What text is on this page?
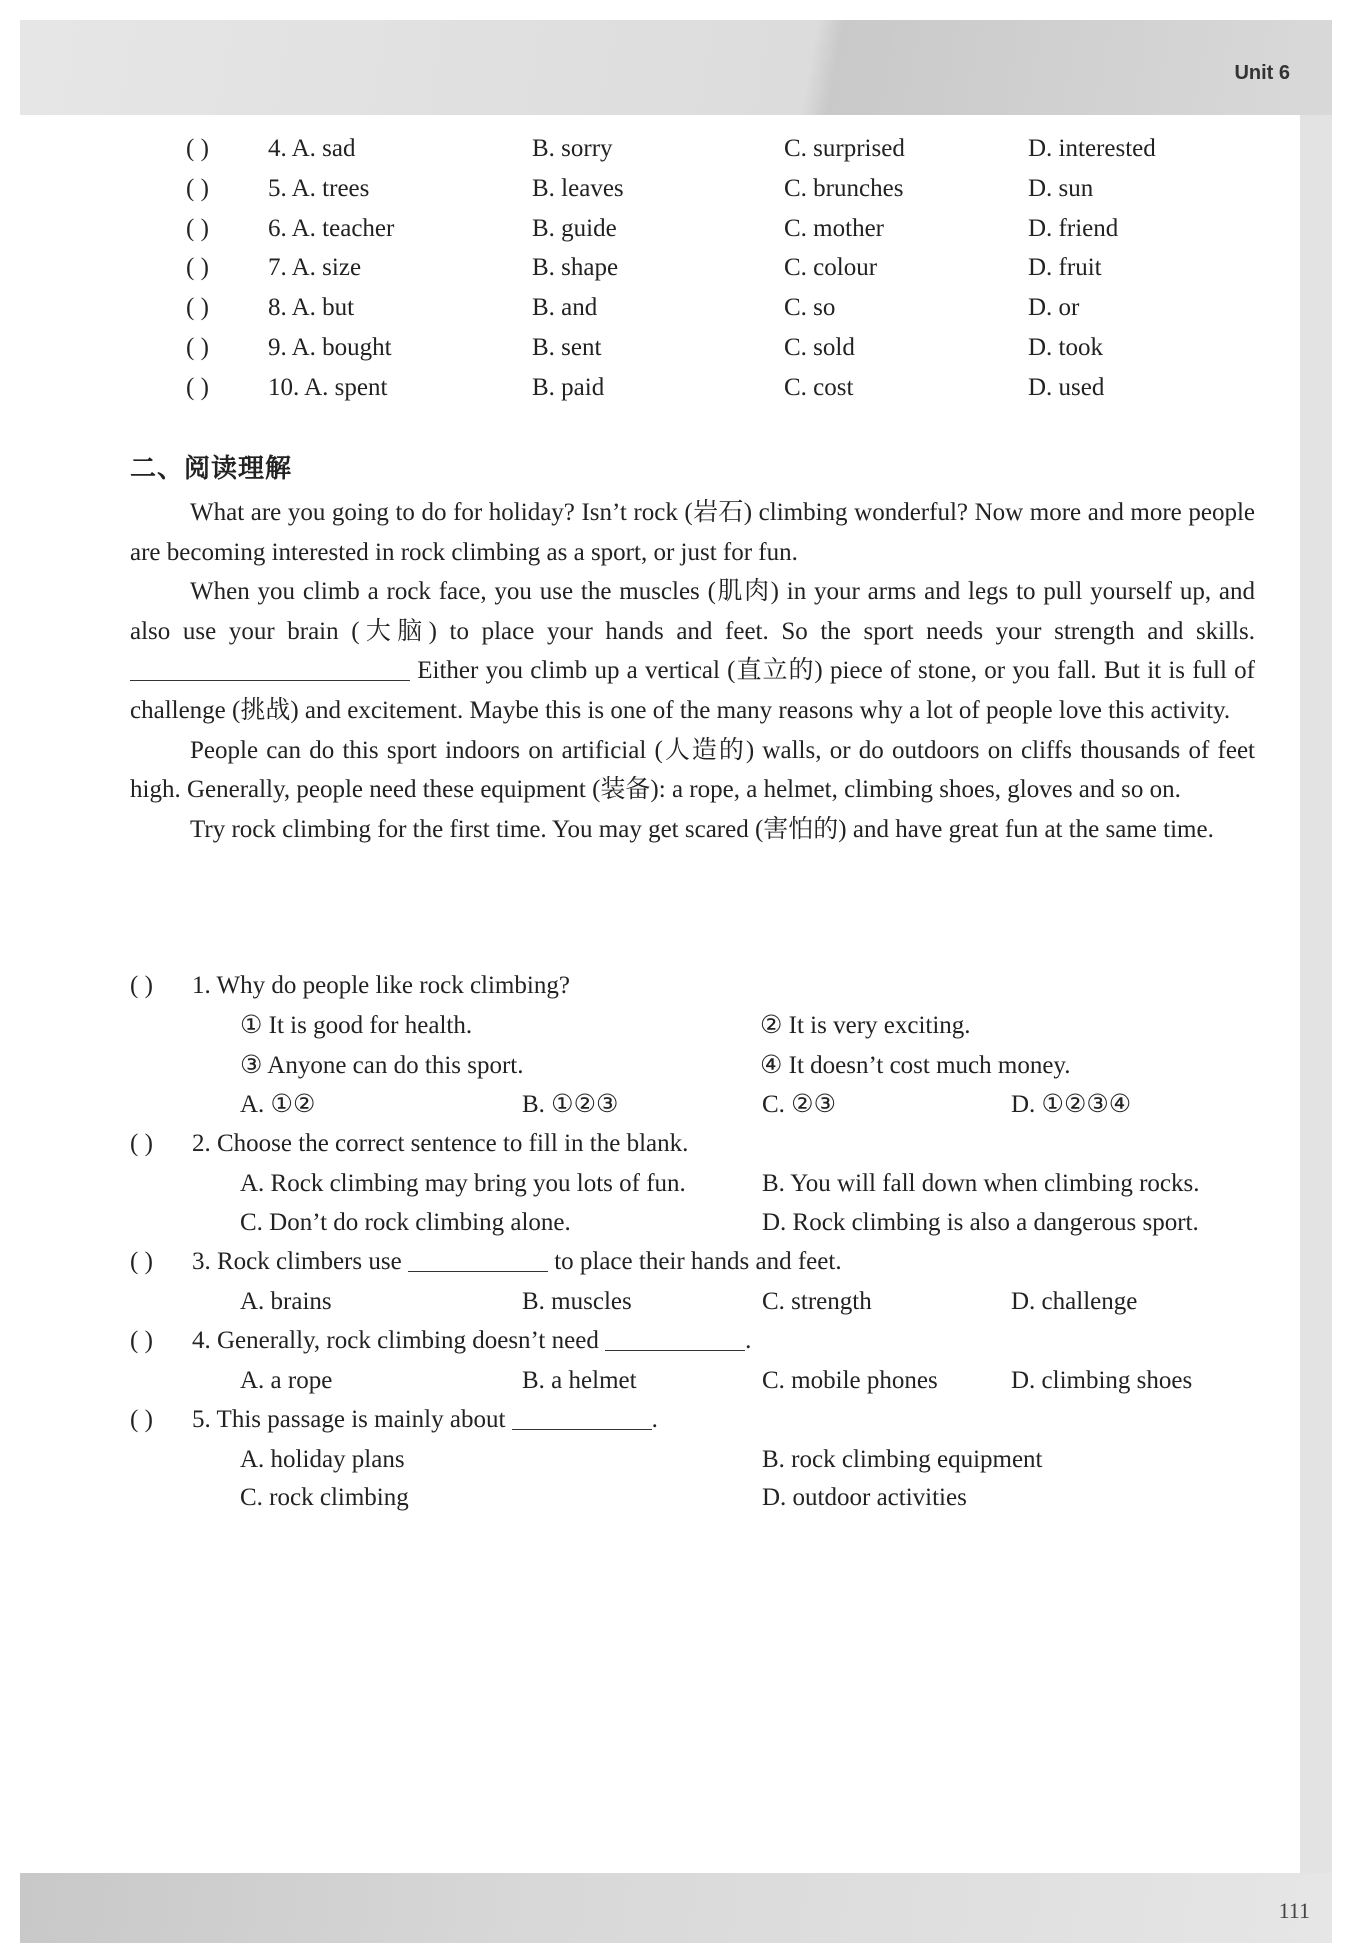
Unit 6
( ) 4. A. sad	B. sorry	C. surprised	D. interested
( ) 5. A. trees	B. leaves	C. brunches	D. sun
( ) 6. A. teacher	B. guide	C. mother	D. friend
( ) 7. A. size	B. shape	C. colour	D. fruit
( ) 8. A. but	B. and	C. so	D. or
( ) 9. A. bought	B. sent	C. sold	D. took
( ) 10. A. spent	B. paid	C. cost	D. used
二、阅读理解

What are you going to do for holiday? Isn’t rock (岩石) climbing wonderful? Now more and more people are becoming interested in rock climbing as a sport, or just for fun.

When you climb a rock face, you use the muscles (肌肉) in your arms and legs to pull yourself up, and also use your brain (大脑) to place your hands and feet. So the sport needs your strength and skills.  Either you climb up a vertical (直立的) piece of stone, or you fall. But it is full of challenge (挑战) and excitement. Maybe this is one of the many reasons why a lot of people love this activity.

People can do this sport indoors on artificial (人造的) walls, or do outdoors on cliffs thousands of feet high. Generally, people need these equipment (装备): a rope, a helmet, climbing shoes, gloves and so on.

Try rock climbing for the first time. You may get scared (害怕的) and have great fun at the same time.

( ) 1. Why do people like rock climbing?
① It is good for health.	② It is very exciting.
③ Anyone can do this sport.	④ It doesn’t cost much money.
A. ①②	B. ①②③	C. ②③	D. ①②③④
( ) 2. Choose the correct sentence to fill in the blank.
A. Rock climbing may bring you lots of fun.	B. You will fall down when climbing rocks.
C. Don’t do rock climbing alone.	D. Rock climbing is also a dangerous sport.
( ) 3. Rock climbers use	to place their hands and feet.
A. brains	B. muscles	C. strength	D. challenge
( ) 4. Generally, rock climbing doesn’t need	.
A. a rope	B. a helmet	C. mobile phones	D. climbing shoes
( ) 5. This passage is mainly about	.
A. holiday plans	B. rock climbing equipment
C. rock climbing	D. outdoor activities
111
